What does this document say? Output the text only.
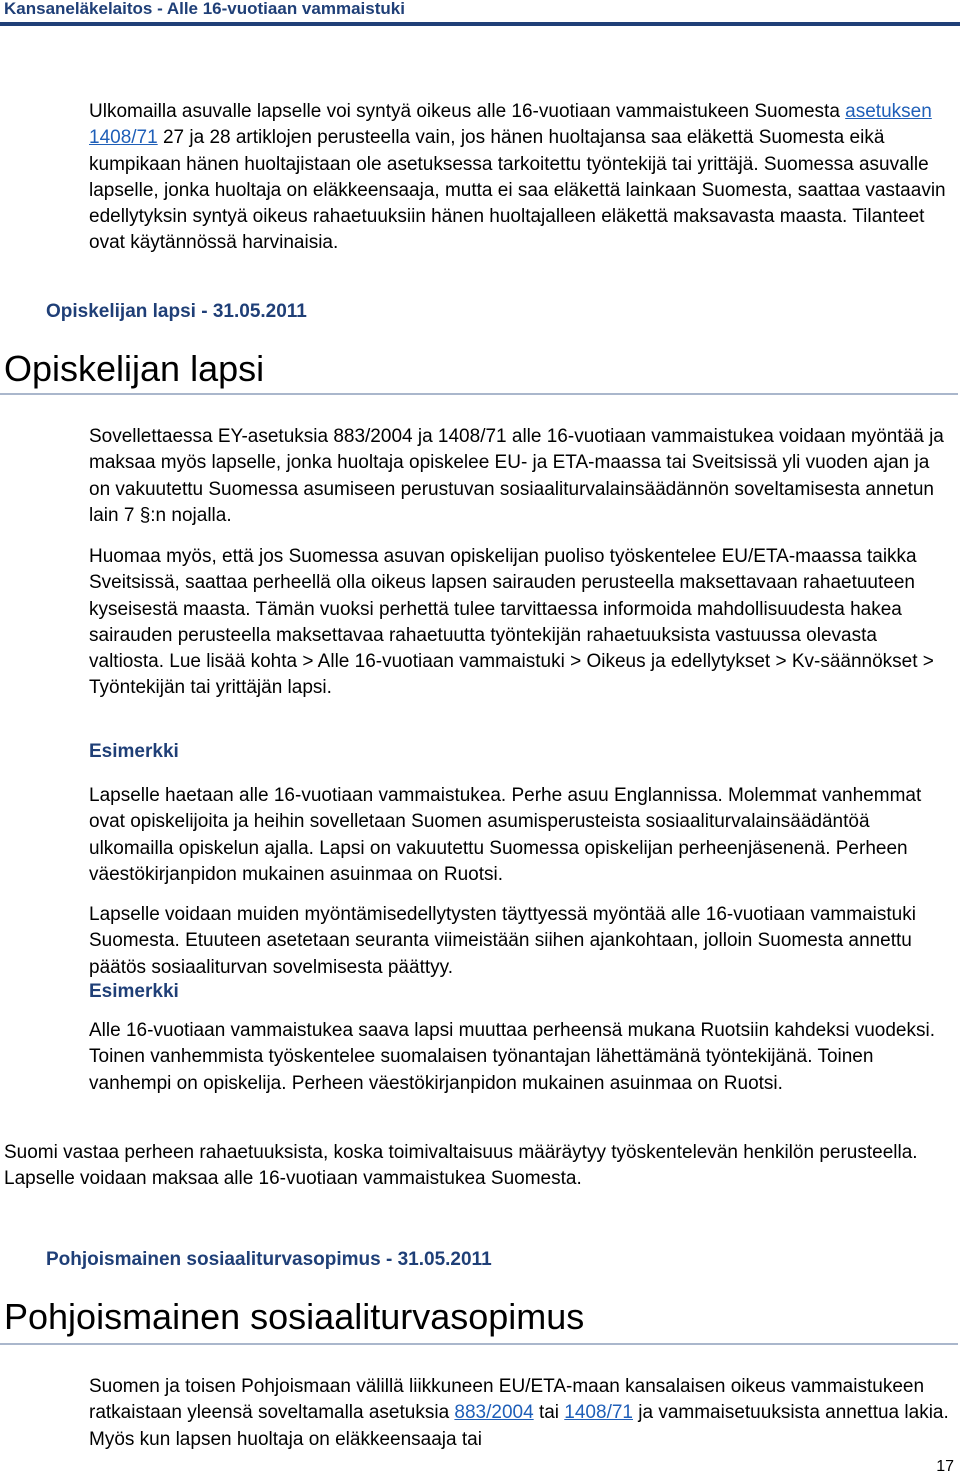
Kansaneläkelaitos - Alle 16-vuotiaan vammaistuki

Ulkomailla asuvalle lapselle voi syntyä oikeus alle 16-vuotiaan vammaistukeen Suomesta asetuksen 1408/71 27 ja 28 artiklojen perusteella vain, jos hänen huoltajansa saa eläkettä Suomesta eikä kumpikaan hänen huoltajistaan ole asetuksessa tarkoitettu työntekijä tai yrittäjä. Suomessa asuvalle lapselle, jonka huoltaja on eläkkeensaaja, mutta ei saa eläkettä lainkaan Suomesta, saattaa vastaavin edellytyksin syntyä oikeus rahaetuuksiin hänen huoltajalleen eläkettä maksavasta maasta. Tilanteet ovat käytännössä harvinaisia.

Opiskelijan lapsi - 31.05.2011
Opiskelijan lapsi

Sovellettaessa EY-asetuksia 883/2004 ja 1408/71 alle 16-vuotiaan vammaistukea voidaan myöntää ja maksaa myös lapselle, jonka huoltaja opiskelee EU- ja ETA-maassa tai Sveitsissä yli vuoden ajan ja on vakuutettu Suomessa asumiseen perustuvan sosiaaliturvalainsäädännön soveltamisesta annetun lain 7 §:n nojalla.

Huomaa myös, että jos Suomessa asuvan opiskelijan puoliso työskentelee EU/ETA-maassa taikka Sveitsissä, saattaa perheellä olla oikeus lapsen sairauden perusteella maksettavaan rahaetuuteen kyseisestä maasta. Tämän vuoksi perhettä tulee tarvittaessa informoida mahdollisuudesta hakea sairauden perusteella maksettavaa rahaetuutta työntekijän rahaetuuksista vastuussa olevasta valtiosta. Lue lisää kohta > Alle 16-vuotiaan vammaistuki > Oikeus ja edellytykset > Kv-säännökset > Työntekijän tai yrittäjän lapsi.

Esimerkki

Lapselle haetaan alle 16-vuotiaan vammaistukea. Perhe asuu Englannissa. Molemmat vanhemmat ovat opiskelijoita ja heihin sovelletaan Suomen asumisperusteista sosiaaliturvalainsäädäntöä ulkomailla opiskelun ajalla. Lapsi on vakuutettu Suomessa opiskelijan perheenjäsenenä. Perheen väestökirjanpidon mukainen asuinmaa on Ruotsi.

Lapselle voidaan muiden myöntämisedellytysten täyttyessä myöntää alle 16-vuotiaan vammaistuki Suomesta. Etuuteen asetetaan seuranta viimeistään siihen ajankohtaan, jolloin Suomesta annettu päätös sosiaaliturvan sovelmisesta päättyy.

Esimerkki

Alle 16-vuotiaan vammaistukea saava lapsi muuttaa perheensä mukana Ruotsiin kahdeksi vuodeksi. Toinen vanhemmista työskentelee suomalaisen työnantajan lähettämänä työntekijänä. Toinen vanhempi on opiskelija. Perheen väestökirjanpidon mukainen asuinmaa on Ruotsi.

Suomi vastaa perheen rahaetuuksista, koska toimivaltaisuus määräytyy työskentelevän henkilön perusteella. Lapselle voidaan maksaa alle 16-vuotiaan vammaistukea Suomesta.

Pohjoismainen sosiaaliturvasopimus - 31.05.2011
Pohjoismainen sosiaaliturvasopimus

Suomen ja toisen Pohjoismaan välillä liikkuneen EU/ETA-maan kansalaisen oikeus vammaistukeen ratkaistaan yleensä soveltamalla asetuksia 883/2004 tai 1408/71 ja vammaisetuuksista annettua lakia. Myös kun lapsen huoltaja on eläkkeensaaja tai

17
